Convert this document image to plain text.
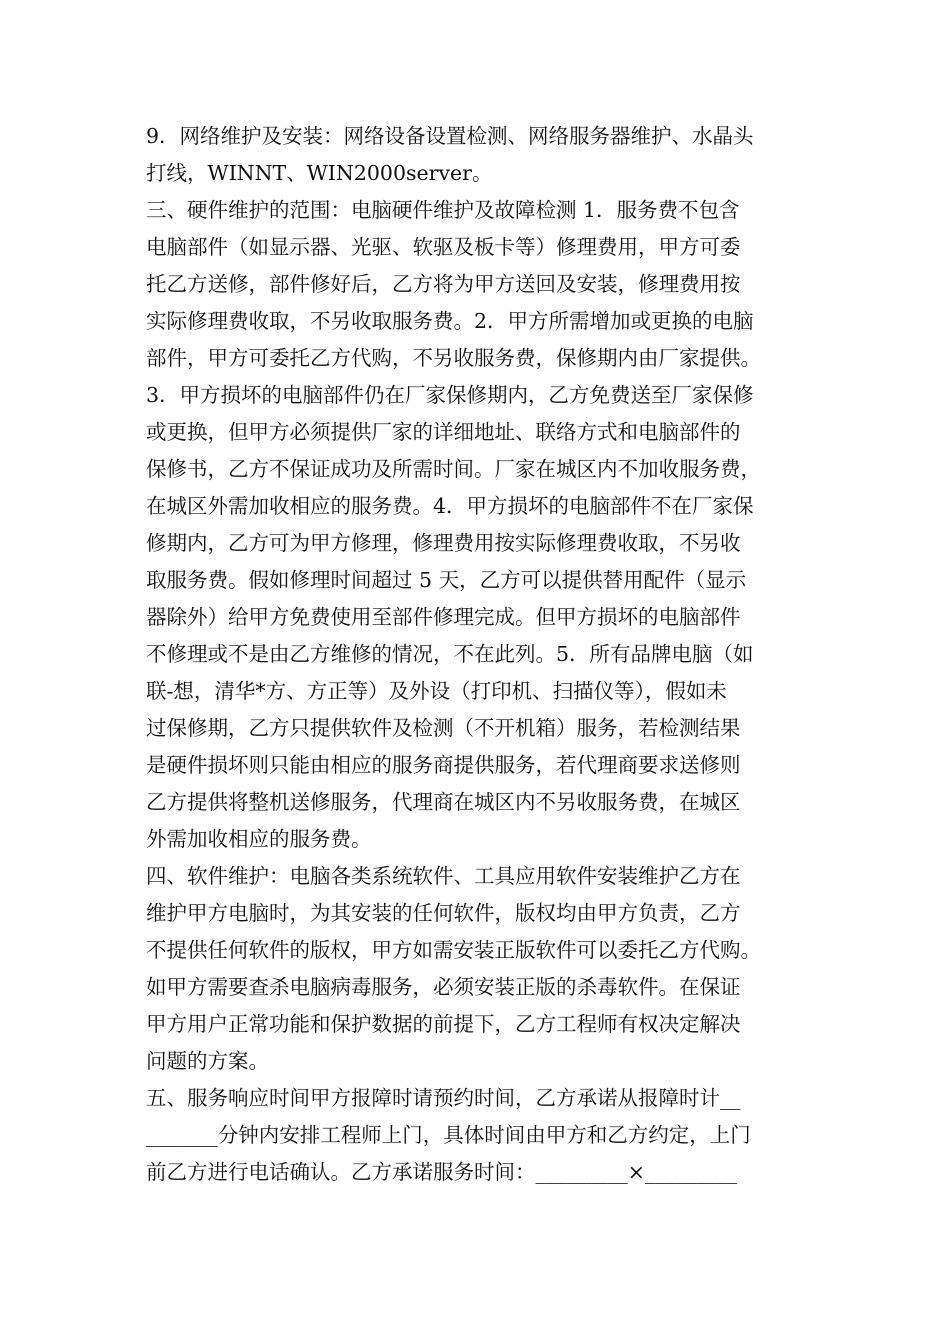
9．网络维护及安装：网络设备设置检测、网络服务器维护、水晶头
打线，WINNT、WIN2000server。
三、硬件维护的范围：电脑硬件维护及故障检测 1．服务费不包含
电脑部件（如显示器、光驱、软驱及板卡等）修理费用，甲方可委
托乙方送修，部件修好后，乙方将为甲方送回及安装，修理费用按
实际修理费收取，不另收取服务费。2．甲方所需增加或更换的电脑
部件，甲方可委托乙方代购，不另收服务费，保修期内由厂家提供。
3．甲方损坏的电脑部件仍在厂家保修期内，乙方免费送至厂家保修
或更换，但甲方必须提供厂家的详细地址、联络方式和电脑部件的
保修书，乙方不保证成功及所需时间。厂家在城区内不加收服务费，
在城区外需加收相应的服务费。4．甲方损坏的电脑部件不在厂家保
修期内，乙方可为甲方修理，修理费用按实际修理费收取，不另收
取服务费。假如修理时间超过 5 天，乙方可以提供替用配件（显示
器除外）给甲方免费使用至部件修理完成。但甲方损坏的电脑部件
不修理或不是由乙方维修的情况，不在此列。5．所有品牌电脑（如
联-想，清华*方、方正等）及外设（打印机、扫描仪等），假如未
过保修期，乙方只提供软件及检测（不开机箱）服务，若检测结果
是硬件损坏则只能由相应的服务商提供服务，若代理商要求送修则
乙方提供将整机送修服务，代理商在城区内不另收服务费，在城区
外需加收相应的服务费。
四、软件维护：电脑各类系统软件、工具应用软件安装维护乙方在
维护甲方电脑时，为其安装的任何软件，版权均由甲方负责，乙方
不提供任何软件的版权，甲方如需安装正版软件可以委托乙方代购。
如甲方需要查杀电脑病毒服务，必须安装正版的杀毒软件。在保证
甲方用户正常功能和保护数据的前提下，乙方工程师有权决定解决
问题的方案。
五、服务响应时间甲方报障时请预约时间，乙方承诺从报障时计__
_______分钟内安排工程师上门，具体时间由甲方和乙方约定，上门
前乙方进行电话确认。乙方承诺服务时间：_________×_________
